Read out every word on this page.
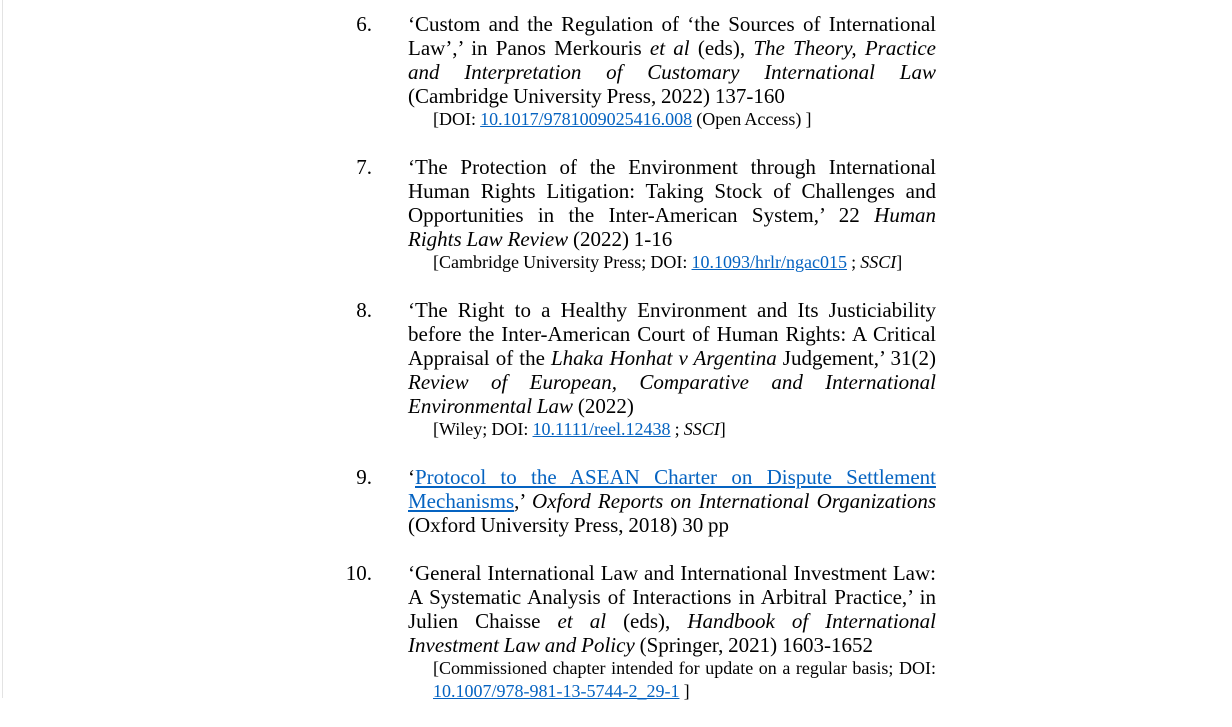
6. ‘Custom and the Regulation of ‘the Sources of International Law’,’ in Panos Merkouris et al (eds), The Theory, Practice and Interpretation of Customary International Law (Cambridge University Press, 2022) 137-160

[DOI: 10.1017/9781009025416.008 (Open Access) ]

7. ‘The Protection of the Environment through International Human Rights Litigation: Taking Stock of Challenges and Opportunities in the Inter-American System,’ 22 Human Rights Law Review (2022) 1-16

[Cambridge University Press; DOI: 10.1093/hrlr/ngac015 ; SSCI]

8. ‘The Right to a Healthy Environment and Its Justiciability before the Inter-American Court of Human Rights: A Critical Appraisal of the Lhaka Honhat v Argentina Judgement,’ 31(2) Review of European, Comparative and International Environmental Law (2022)

[Wiley; DOI: 10.1111/reel.12438 ; SSCI]

9. ‘Protocol to the ASEAN Charter on Dispute Settlement Mechanisms,’ Oxford Reports on International Organizations (Oxford University Press, 2018) 30 pp

10. ‘General International Law and International Investment Law: A Systematic Analysis of Interactions in Arbitral Practice,’ in Julien Chaisse et al (eds), Handbook of International Investment Law and Policy (Springer, 2021) 1603-1652

[Commissioned chapter intended for update on a regular basis; DOI: 10.1007/978-981-13-5744-2_29-1 ]
